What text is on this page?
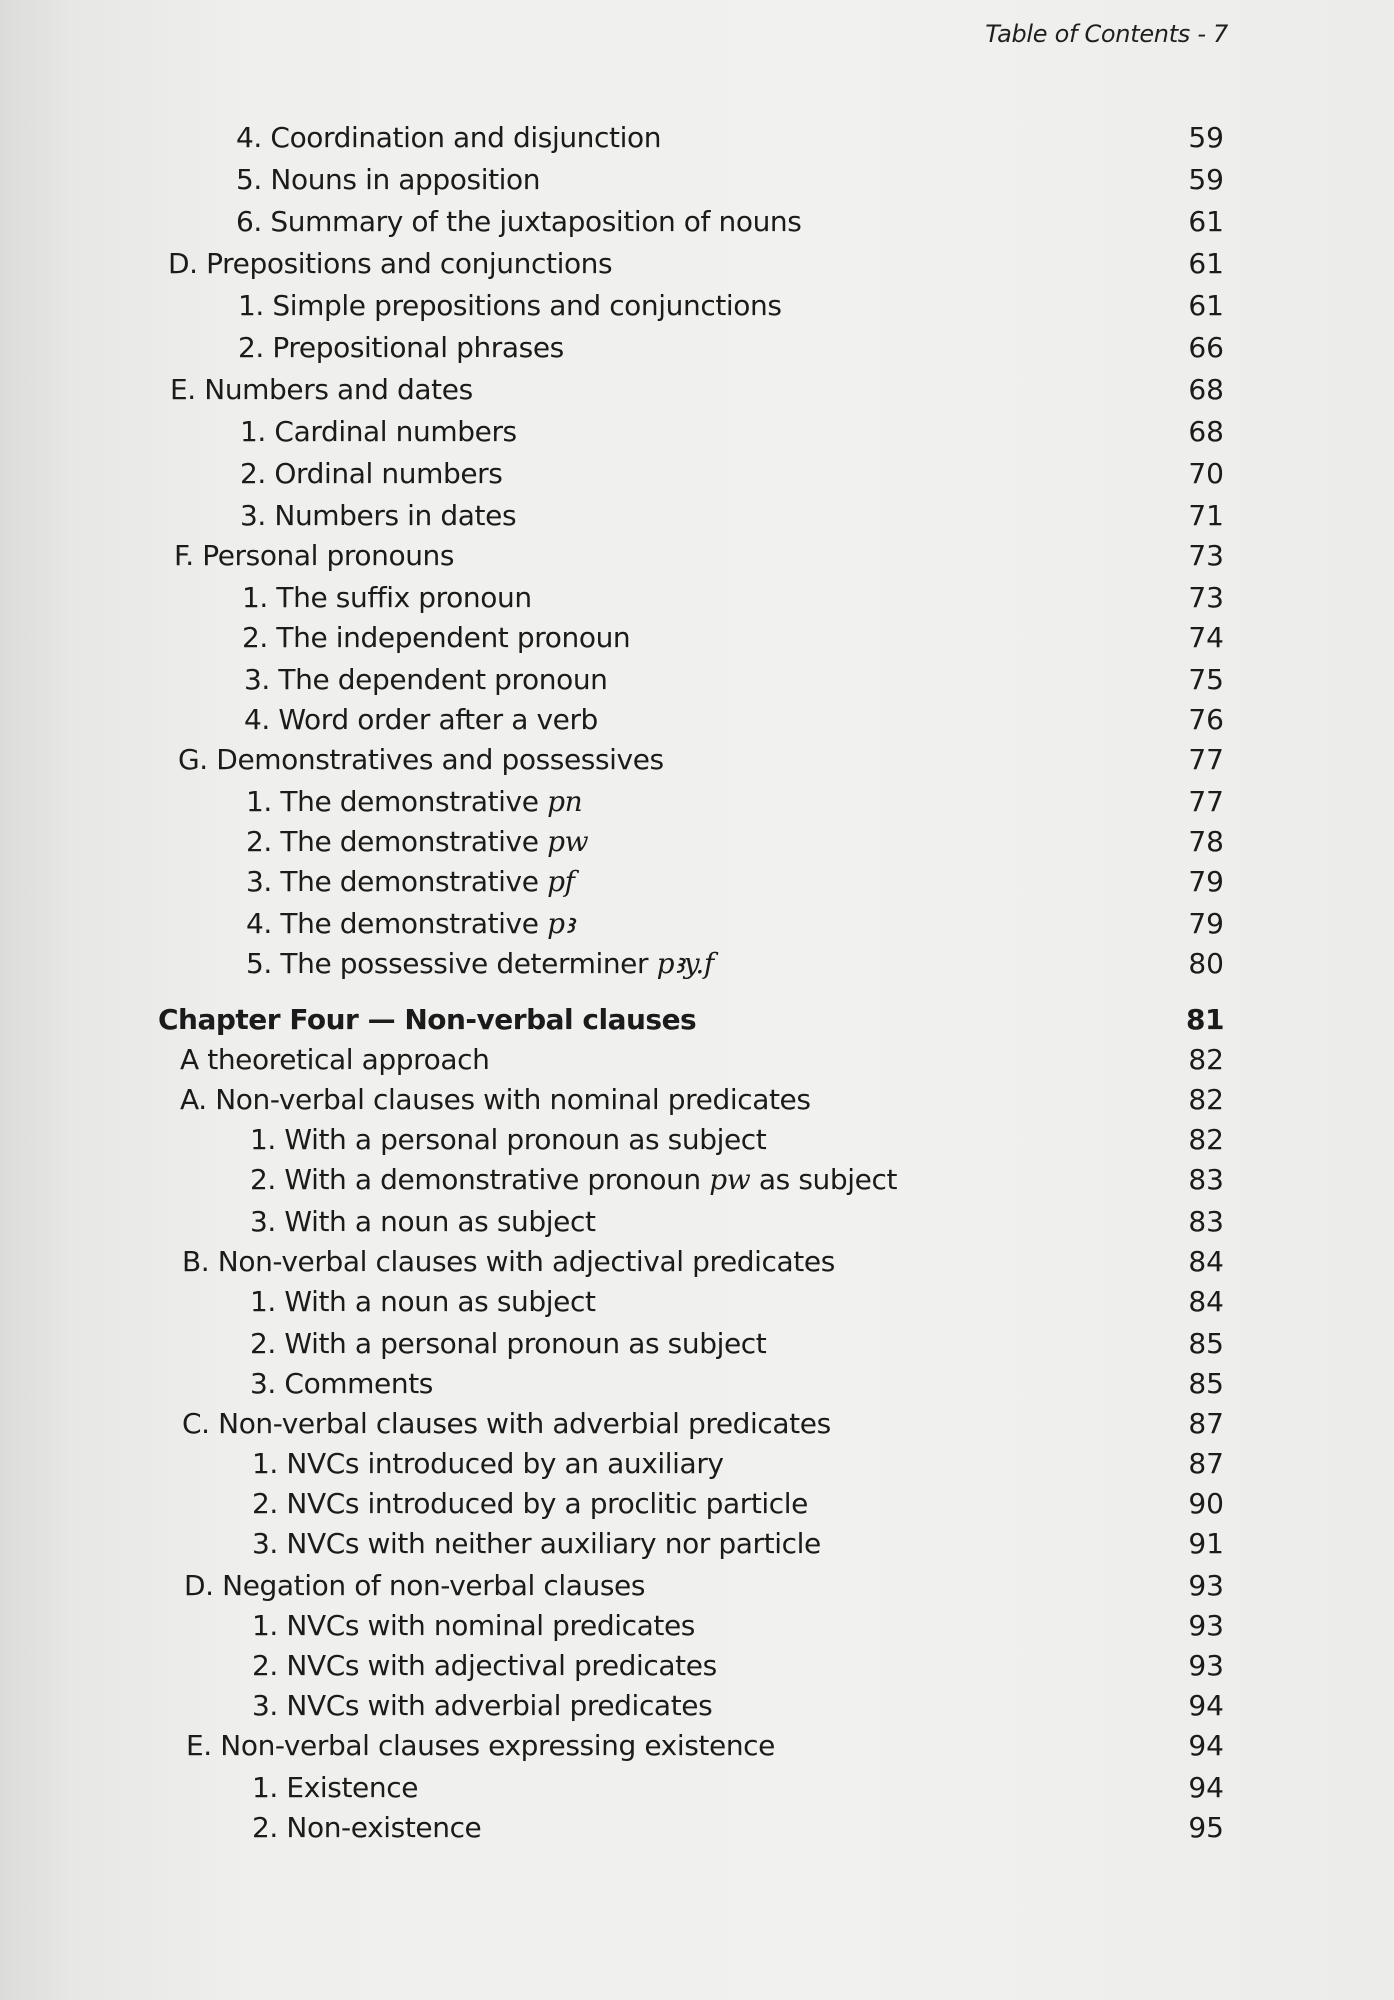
Table of Contents - 7
4. Coordination and disjunction	59
5. Nouns in apposition	59
6. Summary of the juxtaposition of nouns	61
D. Prepositions and conjunctions	61
1. Simple prepositions and conjunctions	61
2. Prepositional phrases	66
E. Numbers and dates	68
1. Cardinal numbers	68
2. Ordinal numbers	70
3. Numbers in dates	71
F. Personal pronouns	73
1. The suffix pronoun	73
2. The independent pronoun	74
3. The dependent pronoun	75
4. Word order after a verb	76
G. Demonstratives and possessives	77
1. The demonstrative pn	77
2. The demonstrative pw	78
3. The demonstrative pf	79
4. The demonstrative pꜣ	79
5. The possessive determiner pꜣy.f	80
Chapter Four — Non-verbal clauses	81
A theoretical approach	82
A. Non-verbal clauses with nominal predicates	82
1. With a personal pronoun as subject	82
2. With a demonstrative pronoun pw as subject	83
3. With a noun as subject	83
B. Non-verbal clauses with adjectival predicates	84
1. With a noun as subject	84
2. With a personal pronoun as subject	85
3. Comments	85
C. Non-verbal clauses with adverbial predicates	87
1. NVCs introduced by an auxiliary	87
2. NVCs introduced by a proclitic particle	90
3. NVCs with neither auxiliary nor particle	91
D. Negation of non-verbal clauses	93
1. NVCs with nominal predicates	93
2. NVCs with adjectival predicates	93
3. NVCs with adverbial predicates	94
E. Non-verbal clauses expressing existence	94
1. Existence	94
2. Non-existence	95
